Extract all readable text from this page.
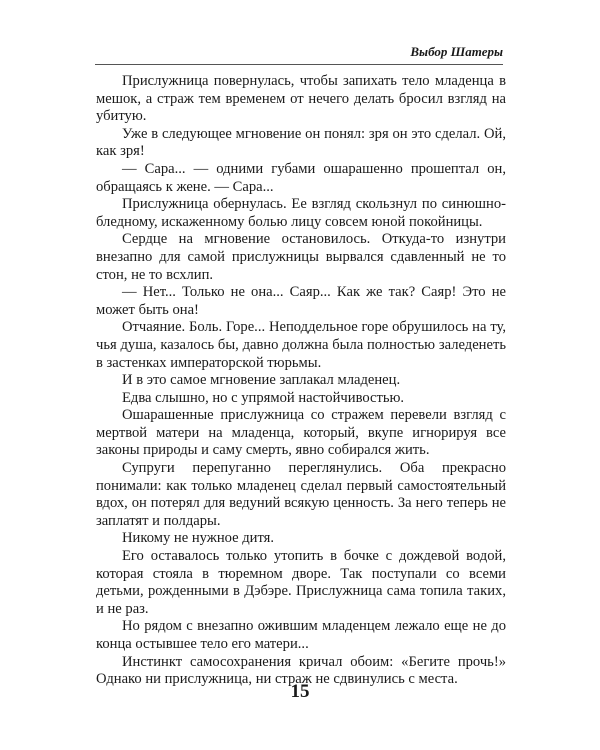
Выбор Шатеры

Прислужница повернулась, чтобы запихать тело младенца в мешок, а страж тем временем от нечего делать бросил взгляд на убитую.

Уже в следующее мгновение он понял: зря он это сделал. Ой, как зря!

— Сара... — одними губами ошарашенно прошептал он, обращаясь к жене. — Сара...

Прислужница обернулась. Ее взгляд скользнул по синюшно-бледному, искаженному болью лицу совсем юной покойницы.

Сердце на мгновение остановилось. Откуда-то изнутри внезапно для самой прислужницы вырвался сдавленный не то стон, не то всхлип.

— Нет... Только не она... Саяр... Как же так? Саяр! Это не может быть она!

Отчаяние. Боль. Горе... Неподдельное горе обрушилось на ту, чья душа, казалось бы, давно должна была полностью заледенеть в застенках императорской тюрьмы.

И в это самое мгновение заплакал младенец.

Едва слышно, но с упрямой настойчивостью.

Ошарашенные прислужница со стражем перевели взгляд с мертвой матери на младенца, который, вкупе игнорируя все законы природы и саму смерть, явно собирался жить.

Супруги перепуганно переглянулись. Оба прекрасно понимали: как только младенец сделал первый самостоятельный вдох, он потерял для ведуний всякую ценность. За него теперь не заплатят и полдары.

Никому не нужное дитя.

Его оставалось только утопить в бочке с дождевой водой, которая стояла в тюремном дворе. Так поступали со всеми детьми, рожденными в Дэбэре. Прислужница сама топила таких, и не раз.

Но рядом с внезапно ожившим младенцем лежало еще не до конца остывшее тело его матери...

Инстинкт самосохранения кричал обоим: «Бегите прочь!» Однако ни прислужница, ни страж не сдвинулись с места.

15
